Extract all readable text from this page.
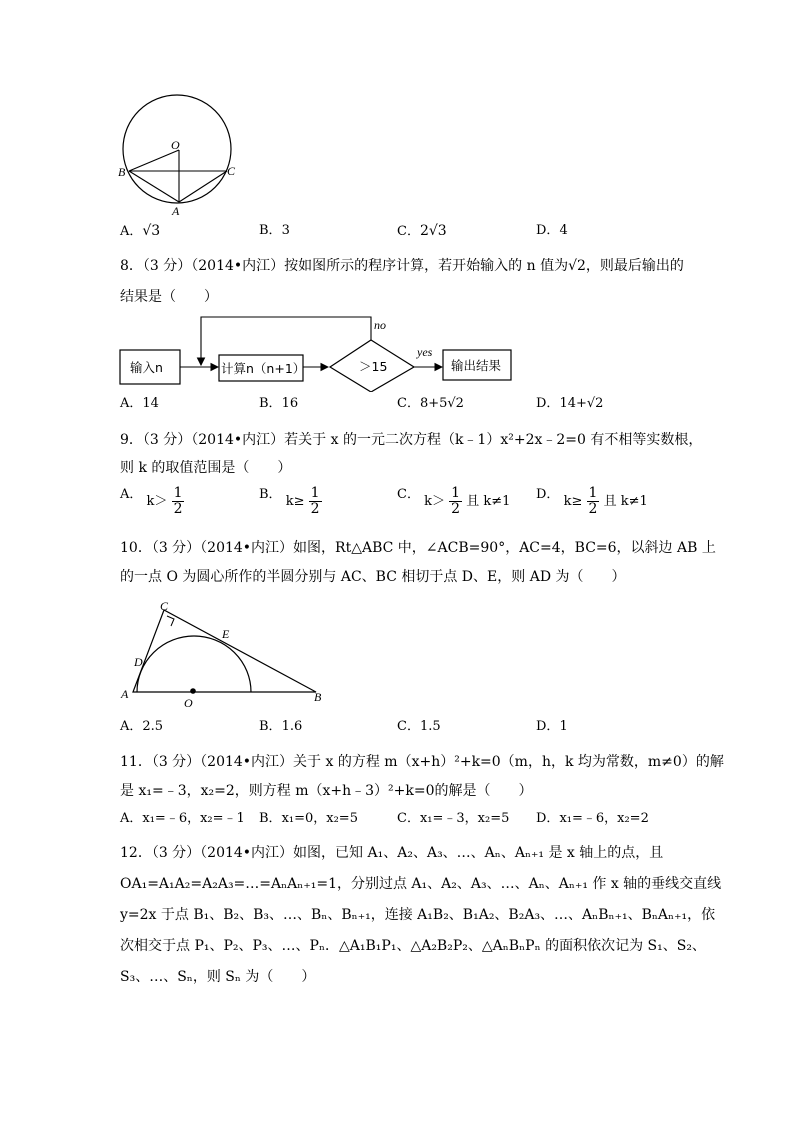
O
B	C
A
A．√3	B．3	C．2√3	D．4
8．（3 分）（2014•内江）按如图所示的程序计算，若开始输入的 n 值为√2，则最后输出的
结果是（　　）
输入n	计算n（n+1）	＞15
no
yes
输出结果
A．14	B．16	C．8+5√2	D．14+√2
9．（3 分）（2014•内江）若关于 x 的一元二次方程（k﹣1）x²+2x﹣2=0 有不相等实数根，
则 k 的取值范围是（　　）
A． $k> \frac{1}{2}$	B． $k\ge \frac{1}{2}$	C． $k> \frac{1}{2}$ 且 k≠1 D． $k\ge \frac{1}{2}$ 且 k≠1
10．（3 分）（2014•内江）如图，Rt△ABC 中，∠ACB=90°，AC=4，BC=6，以斜边 AB 上
的一点 O 为圆心所作的半圆分别与 AC、BC 相切于点 D、E，则 AD 为（　　）
C
E
D
A
O	B
A．2.5	B．1.6	C．1.5	D．1
11．（3 分）（2014•内江）关于 x 的方程 m（x+h）²+k=0（m，h，k 均为常数，m≠0）的解
是 x₁=﹣3，x₂=2，则方程 m（x+h﹣3）²+k=0的解是（　　）
A．x₁=﹣6，x₂=﹣1 B．x₁=0，x₂=5	C．x₁=﹣3，x₂=5 D．x₁=﹣6，x₂=2
12．（3 分）（2014•内江）如图，已知 A₁、A₂、A₃、…、Aₙ、Aₙ₊₁ 是 x 轴上的点，且
OA₁=A₁A₂=A₂A₃=…=AₙAₙ₊₁=1，分别过点 A₁、A₂、A₃、…、Aₙ、Aₙ₊₁ 作 x 轴的垂线交直线
y=2x 于点 B₁、B₂、B₃、…、Bₙ、Bₙ₊₁，连接 A₁B₂、B₁A₂、B₂A₃、…、AₙBₙ₊₁、BₙAₙ₊₁，依
次相交于点 P₁、P₂、P₃、…、Pₙ．△A₁B₁P₁、△A₂B₂P₂、△AₙBₙPₙ 的面积依次记为 S₁、S₂、
S₃、…、Sₙ，则 Sₙ 为（　　）
